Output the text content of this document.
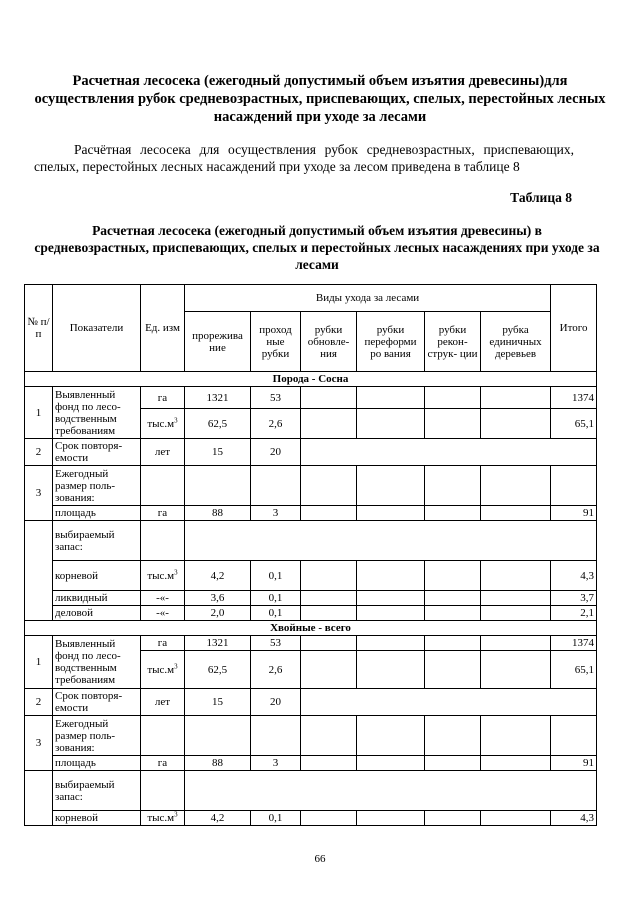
Расчетная лесосека (ежегодный допустимый объем изъятия древесины)для осуществления рубок средневозрастных, приспевающих, спелых, перестойных лесных насаждений при уходе за лесами
Расчётная лесосека для осуществления рубок средневозрастных, приспевающих, спелых, перестойных лесных насаждений при уходе за лесом приведена в таблице 8
Таблица 8
Расчетная лесосека (ежегодный допустимый объем изъятия древесины) в средневозрастных, приспевающих, спелых и перестойных лесных насаждениях при уходе за лесами
№ п/п	Показатели	Ед. изм	Виды ухода за лесами						Итого
			прорежива ние	проход ные рубки	рубки обновле- ния	рубки переформи ро вания	рубки рекон- струк- ции	рубка единичных деревьев	
Порода - Сосна									
1	Выявленный фонд по лесо- водственным требованиям	га	1321	53					1374
		$тыс.м^3$	62,5	2,6					65,1
2	Срок повторя- емости	лет	15	20					
3	Ежегодный размер поль- зования:								
	площадь	га	88	3					91
	выбираемый запас:								
	корневой	$тыс.м^3$	4,2	0,1					4,3
	ликвидный	-«-	3,6	0,1					3,7
	деловой	-«-	2,0	0,1					2,1
Хвойные - всего									
1	Выявленный фонд по лесо- водственным требованиям	га	1321	53					1374
		$тыс.м^3$	62,5	2,6					65,1
2	Срок повторя- емости	лет	15	20					
3	Ежегодный размер поль- зования:								
	площадь	га	88	3					91
	выбираемый запас:								
	корневой	$тыс.м^3$	4,2	0,1					4,3
66
